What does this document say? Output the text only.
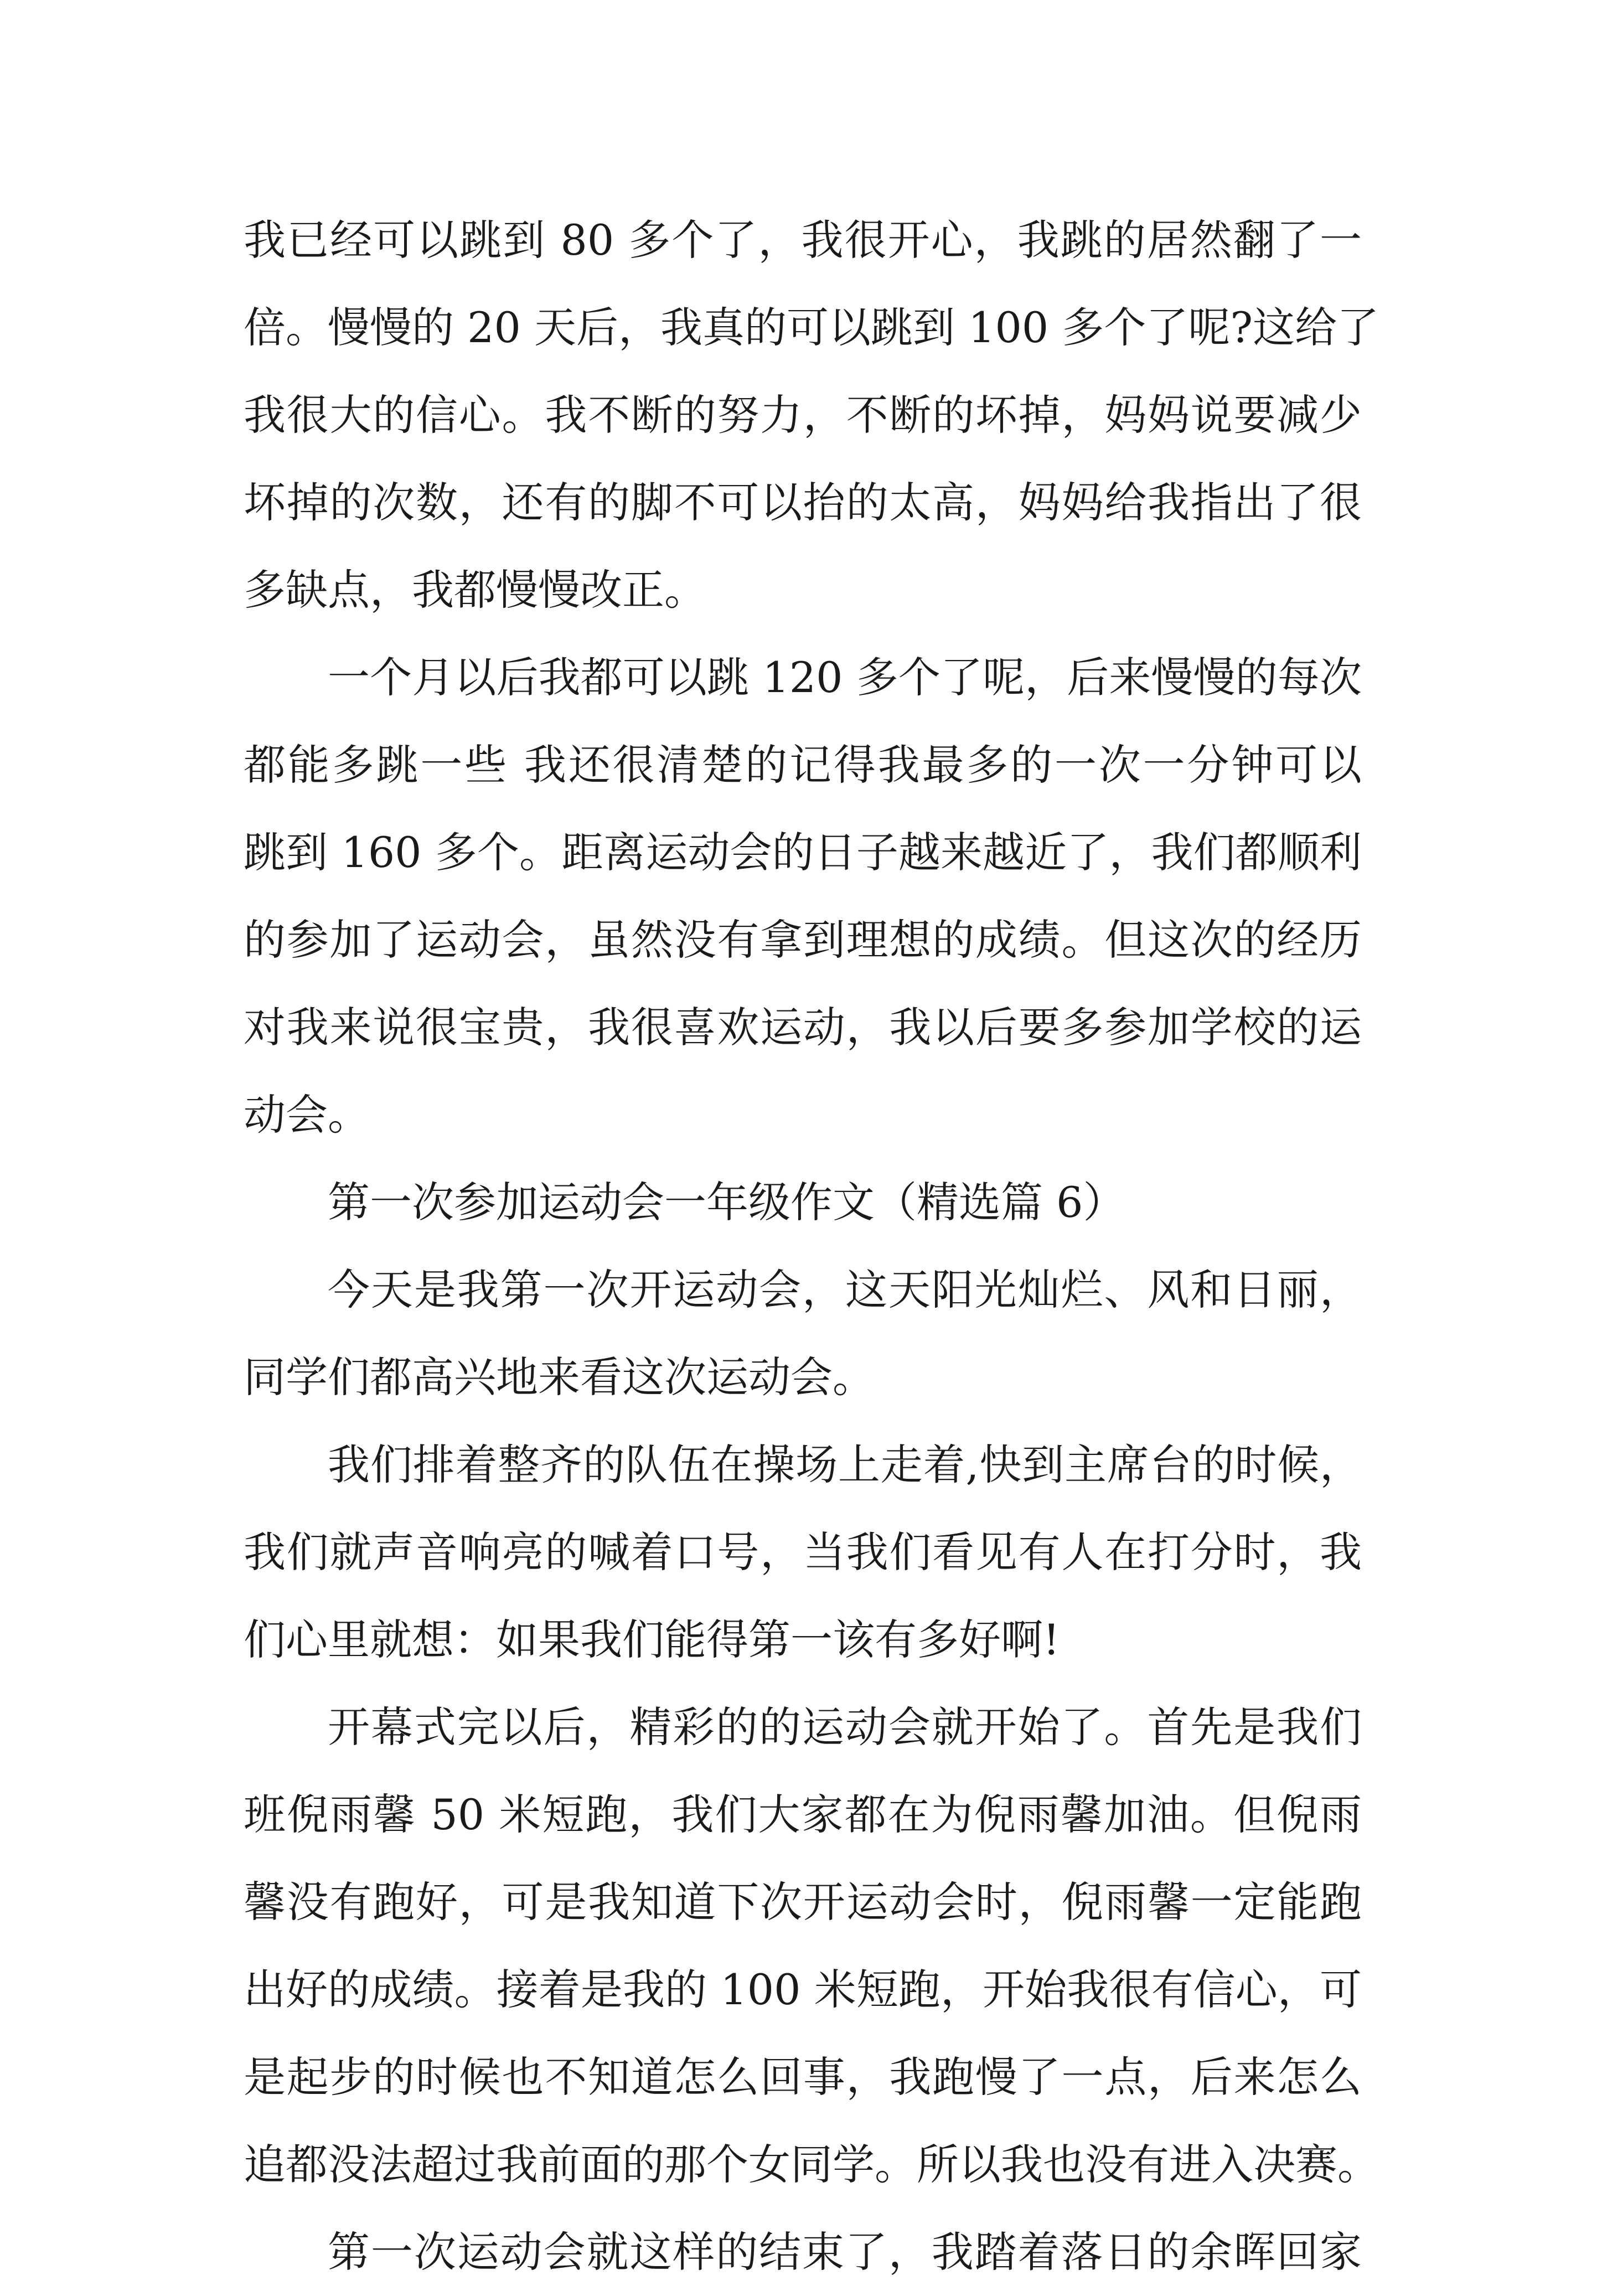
我已经可以跳到 80 多个了，我很开心，我跳的居然翻了一
倍。慢慢的 20 天后，我真的可以跳到 100 多个了呢?这给了
我很大的信心。我不断的努力，不断的坏掉，妈妈说要减少
坏掉的次数，还有的脚不可以抬的太高，妈妈给我指出了很
多缺点，我都慢慢改正。
一个月以后我都可以跳 120 多个了呢，后来慢慢的每次
都能多跳一些 我还很清楚的记得我最多的一次一分钟可以
跳到 160 多个。距离运动会的日子越来越近了，我们都顺利
的参加了运动会，虽然没有拿到理想的成绩。但这次的经历
对我来说很宝贵，我很喜欢运动，我以后要多参加学校的运
动会。
第一次参加运动会一年级作文（精选篇 6）
今天是我第一次开运动会，这天阳光灿烂、风和日丽，
同学们都高兴地来看这次运动会。
我们排着整齐的队伍在操场上走着,快到主席台的时候，
我们就声音响亮的喊着口号，当我们看见有人在打分时，我
们心里就想：如果我们能得第一该有多好啊!
开幕式完以后，精彩的的运动会就开始了。首先是我们
班倪雨馨 50 米短跑，我们大家都在为倪雨馨加油。但倪雨
馨没有跑好，可是我知道下次开运动会时，倪雨馨一定能跑
出好的成绩。接着是我的 100 米短跑，开始我很有信心，可
是起步的时候也不知道怎么回事，我跑慢了一点，后来怎么
追都没法超过我前面的那个女同学。所以我也没有进入决赛。
第一次运动会就这样的结束了，我踏着落日的余晖回家
